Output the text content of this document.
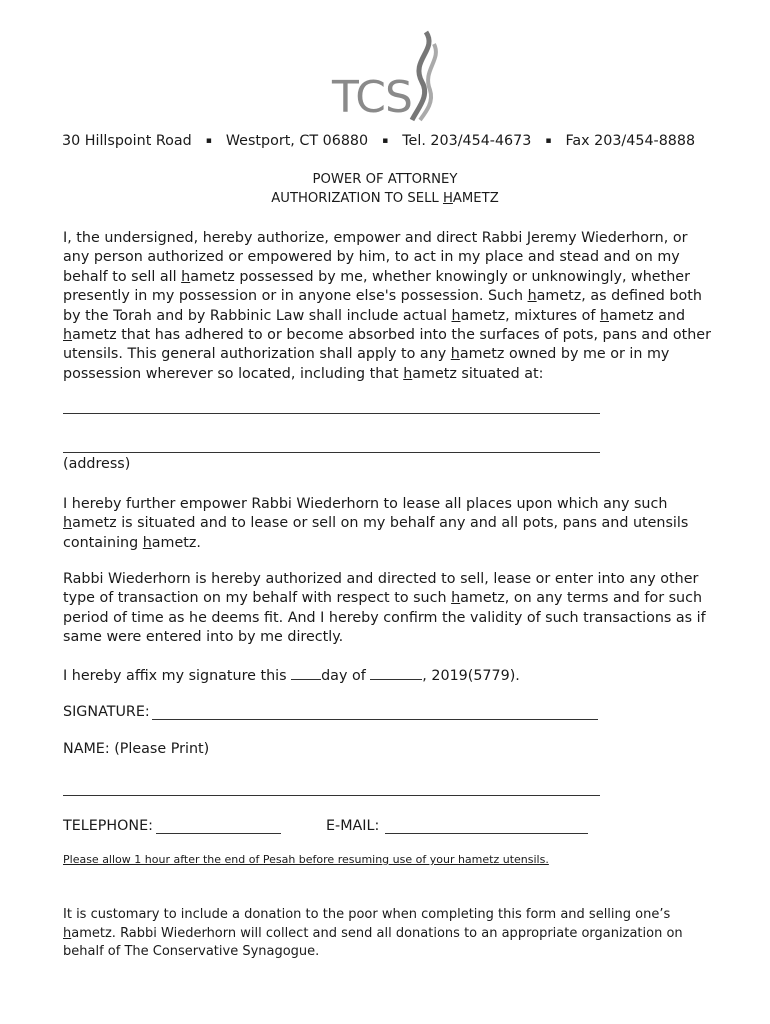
TCS
30 Hillspoint Road ▪ Westport, CT 06880 ▪ Tel. 203/454-4673 ▪ Fax 203/454-8888
POWER OF ATTORNEY
AUTHORIZATION TO SELL HAMETZ
I, the undersigned, hereby authorize, empower and direct Rabbi Jeremy Wiederhorn, or any person authorized or empowered by him, to act in my place and stead and on my behalf to sell all hametz possessed by me, whether knowingly or unknowingly, whether presently in my possession or in anyone else's possession. Such hametz, as defined both by the Torah and by Rabbinic Law shall include actual hametz, mixtures of hametz and hametz that has adhered to or become absorbed into the surfaces of pots, pans and other utensils. This general authorization shall apply to any hametz owned by me or in my possession wherever so located, including that hametz situated at:
(address)
I hereby further empower Rabbi Wiederhorn to lease all places upon which any such hametz is situated and to lease or sell on my behalf any and all pots, pans and utensils containing hametz.
Rabbi Wiederhorn is hereby authorized and directed to sell, lease or enter into any other type of transaction on my behalf with respect to such hametz, on any terms and for such period of time as he deems fit. And I hereby confirm the validity of such transactions as if same were entered into by me directly.
I hereby affix my signature this day of	, 2019(5779).
SIGNATURE:
NAME: (Please Print)
TELEPHONE:	E-MAIL:
Please allow 1 hour after the end of Pesah before resuming use of your hametz utensils.
It is customary to include a donation to the poor when completing this form and selling one’s hametz. Rabbi Wiederhorn will collect and send all donations to an appropriate organization on behalf of The Conservative Synagogue.
